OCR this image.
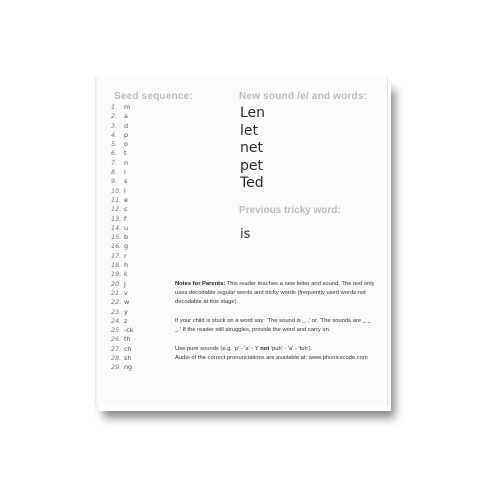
Seed sequence:
1. m
2. a
3. d
4. p
5. o
6. t
7. n
8. i
9. s
10. l
11. e
12. c
13. f
14. u
15. b
16. g
17. r
18. h
19. k
20. j
21. v
22. w
23. y
24. z
25. -ck
26. th
27. ch
28. sh
29. ng
New sound /e/ and words:
Len
let
net
pet
Ted
Previous tricky word:
is

Notes for Parents: This reader teaches a new letter and sound. The text only uses decodable regular words and tricky words (frequently used words not decodable at this stage).

If your child is stuck on a word say: 'The sound is _ ,' or, 'The sounds are _ _ _.' If the reader still struggles, provide the word and carry on.

Use pure sounds (e.g. 'p' - 'a' - 't' not 'puh' - 'a' - 'tuh').
Audio of the correct pronunciations are available at: www.phonicscode.com
